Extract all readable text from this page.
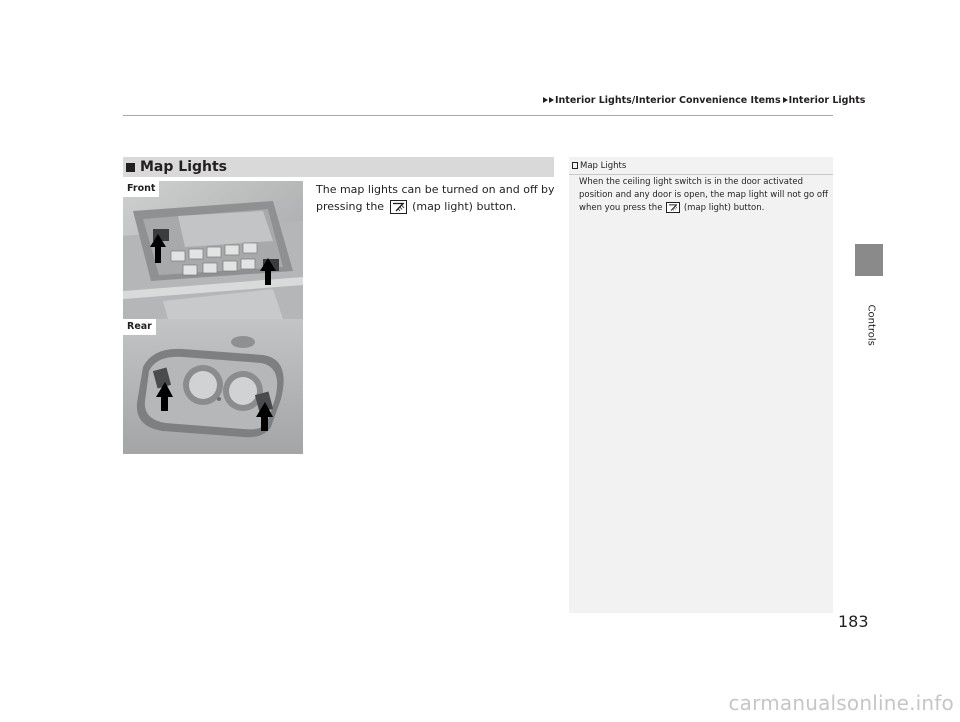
Interior Lights/Interior Convenience Items Interior Lights
Controls
Map Lights
The map lights can be turned on and off by pressing the	(map light) button.
Front
Rear
Map Lights
When the ceiling light switch is in the door activated position and any door is open, the map light will not go off when you press the	(map light) button.
183
carmanualsonline.info
